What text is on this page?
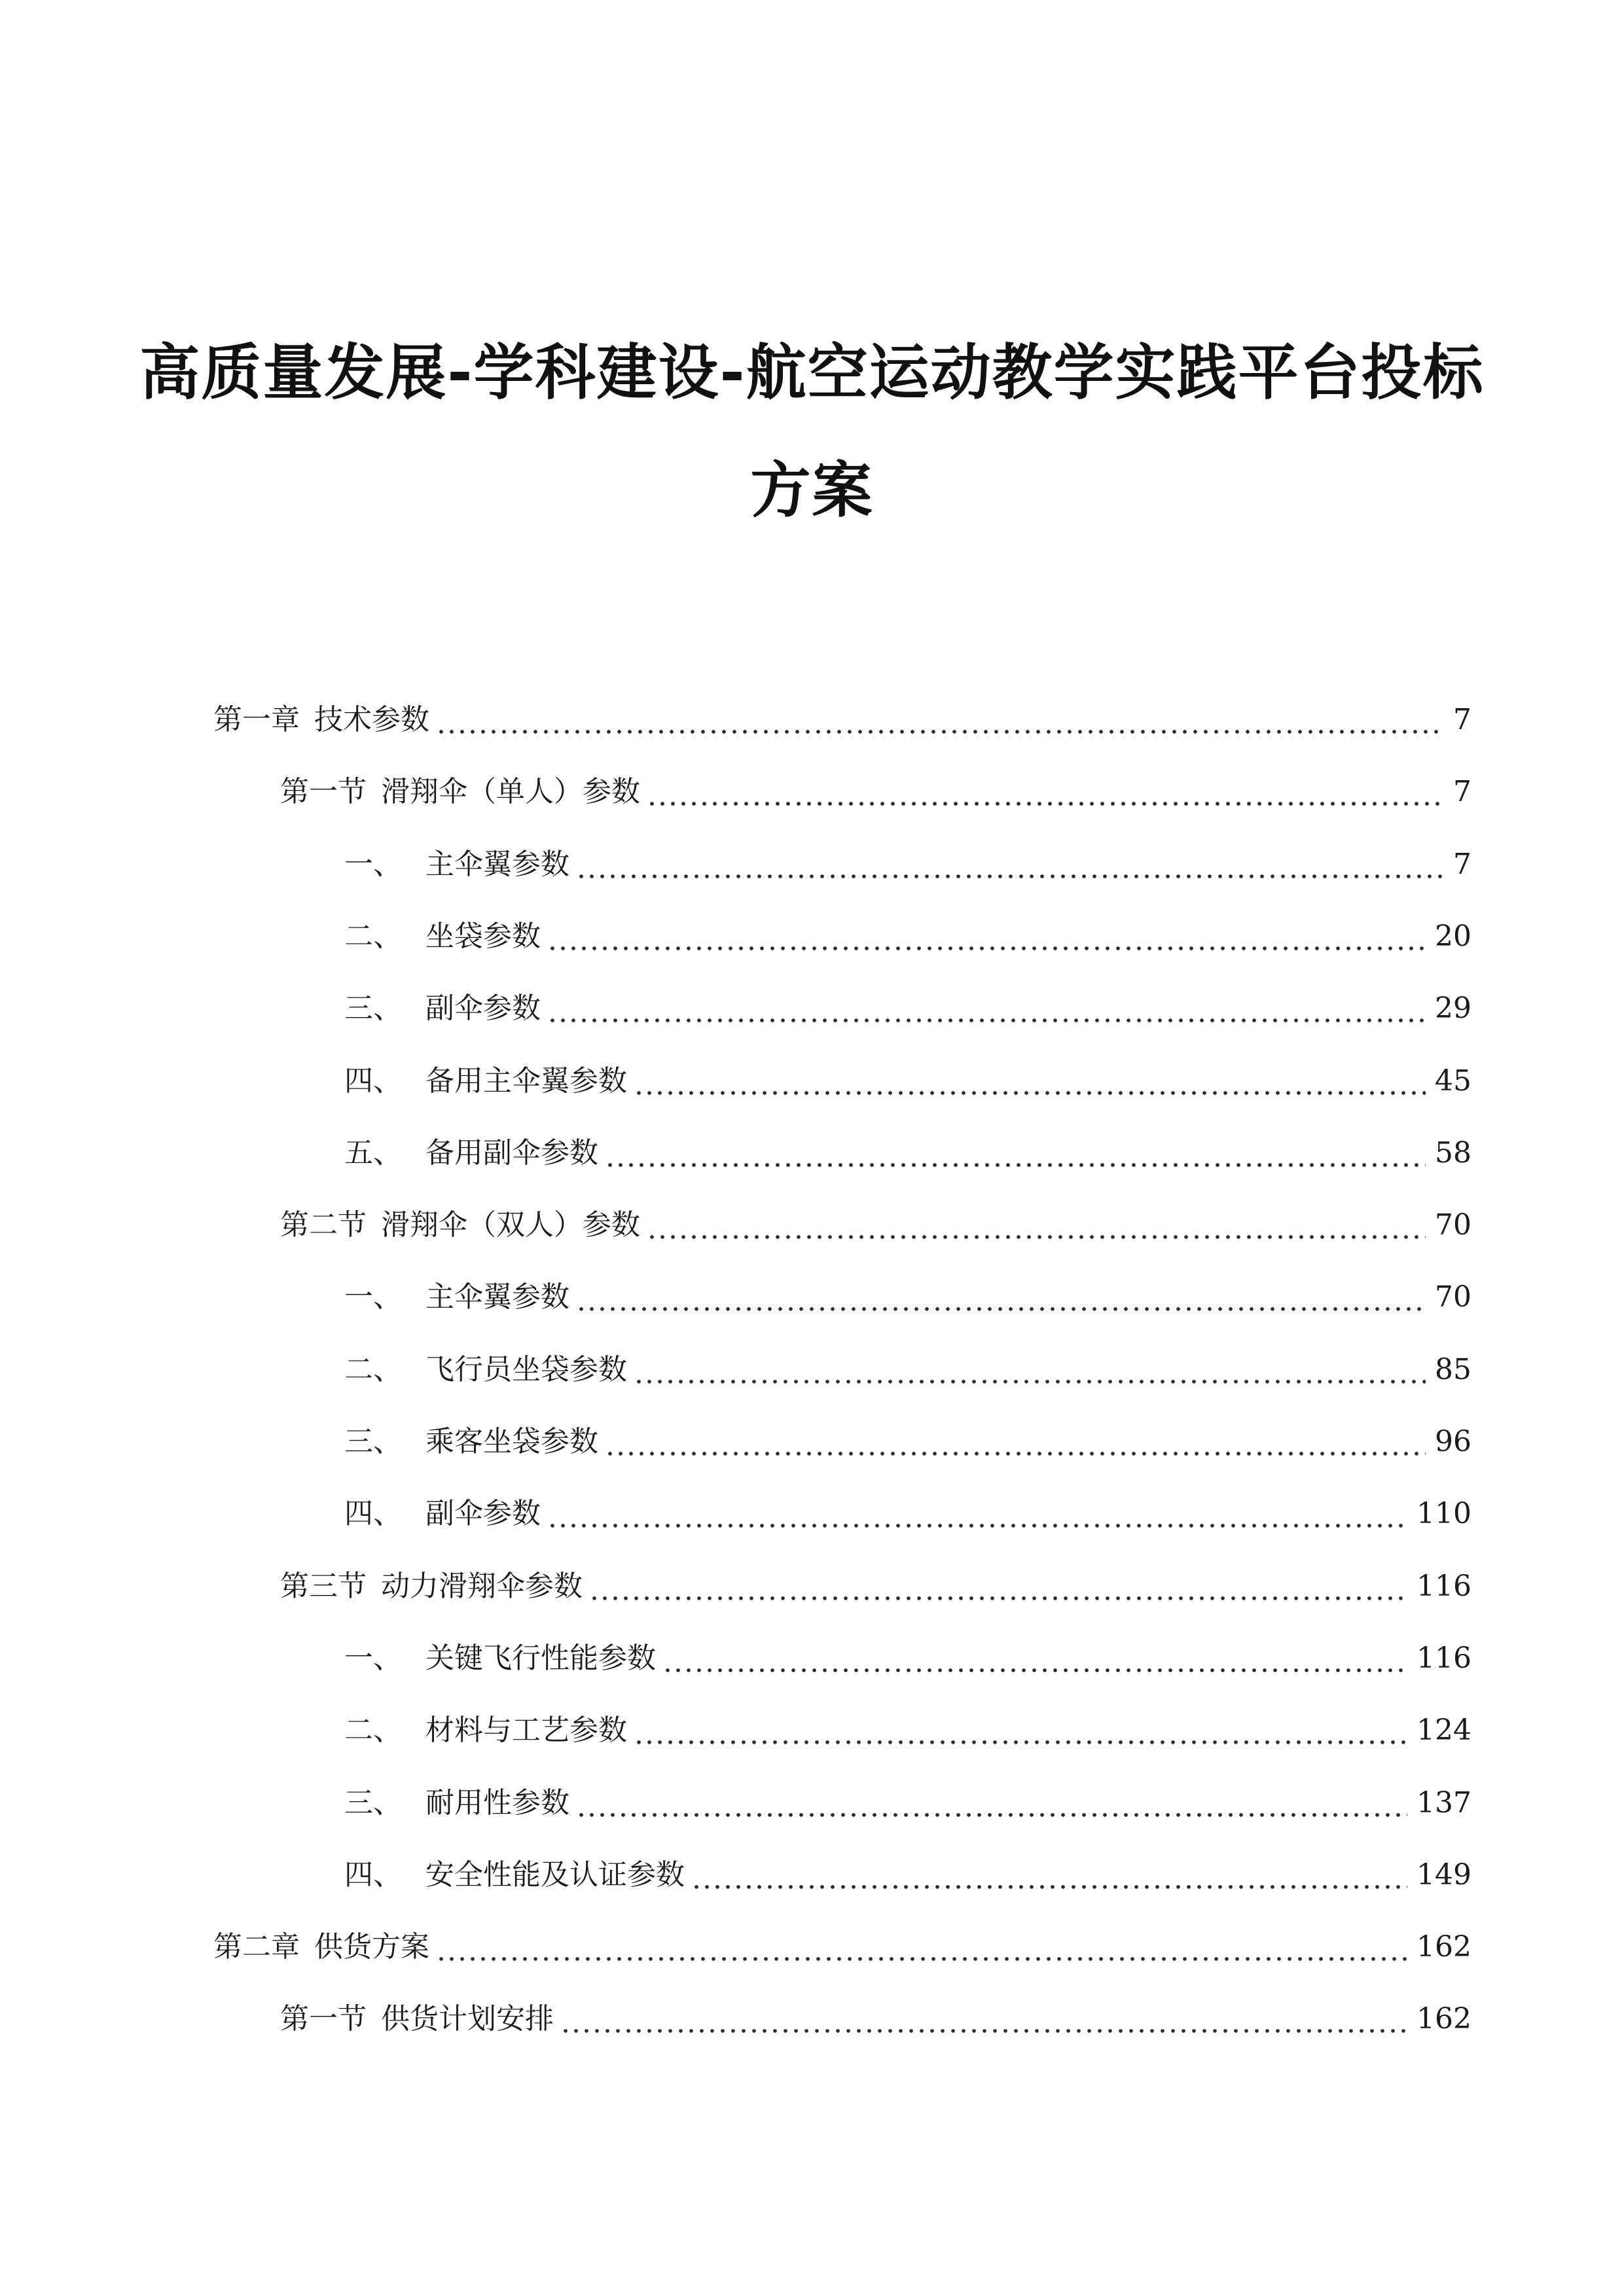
高质量发展-学科建设-航空运动教学实践平台投标
方案
第一章 技术参数	7
第一节 滑翔伞（单人）参数	7
一、 主伞翼参数	7
二、 坐袋参数	20
三、 副伞参数	29
四、 备用主伞翼参数	45
五、 备用副伞参数	58
第二节 滑翔伞（双人）参数	70
一、 主伞翼参数	70
二、 飞行员坐袋参数	85
三、 乘客坐袋参数	96
四、 副伞参数	110
第三节 动力滑翔伞参数	116
一、 关键飞行性能参数	116
二、 材料与工艺参数	124
三、 耐用性参数	137
四、 安全性能及认证参数	149
第二章 供货方案	162
第一节 供货计划安排	162
